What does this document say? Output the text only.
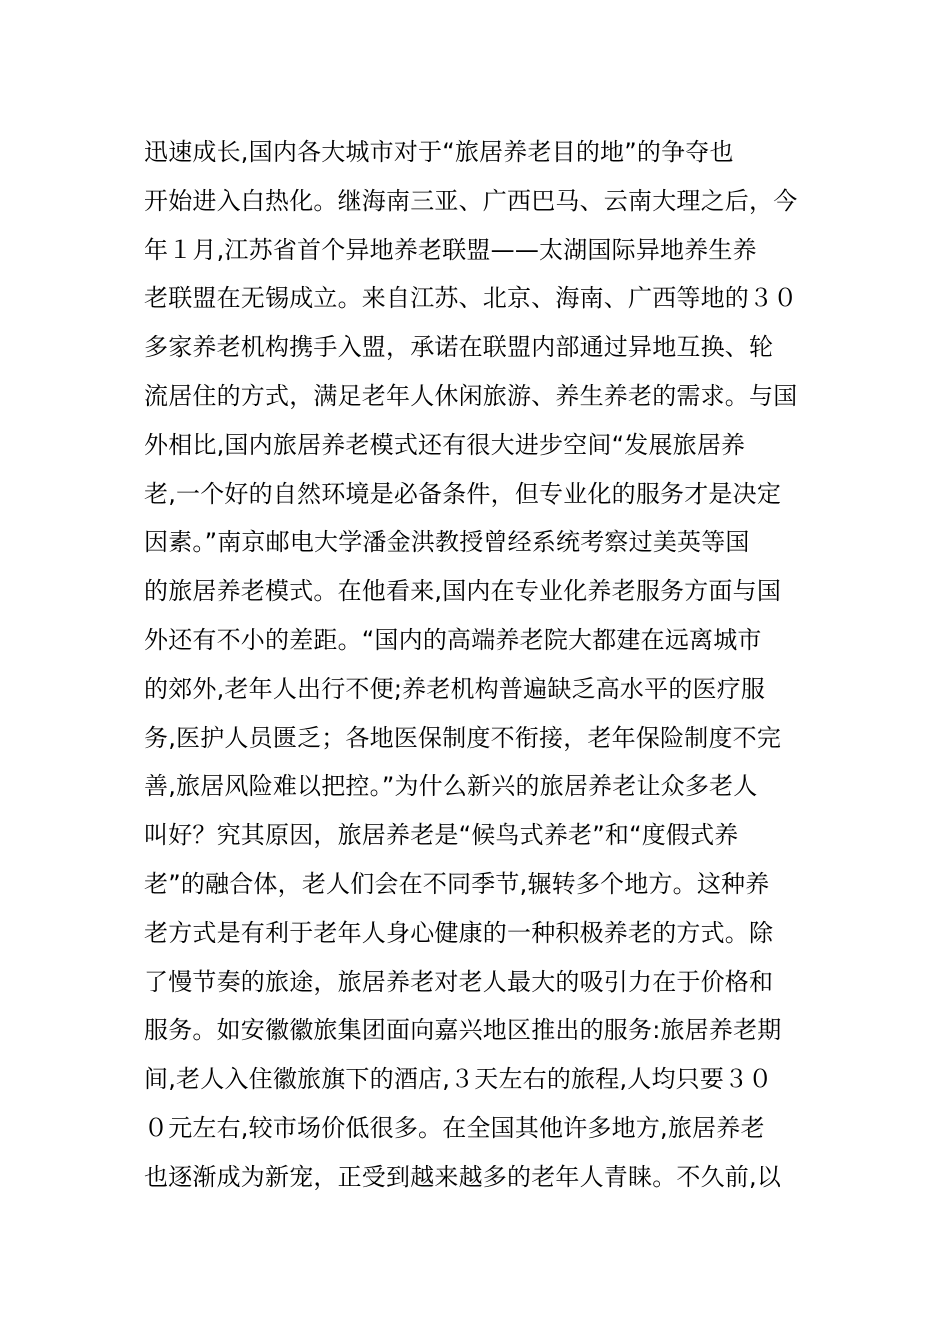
迅速成长,国内各大城市对于“旅居养老目的地”的争夺也
开始进入白热化。继海南三亚、广西巴马、云南大理之后，今
年１月,江苏省首个异地养老联盟——太湖国际异地养生养
老联盟在无锡成立。来自江苏、北京、海南、广西等地的３０
多家养老机构携手入盟，承诺在联盟内部通过异地互换、轮
流居住的方式，满足老年人休闲旅游、养生养老的需求。与国
外相比,国内旅居养老模式还有很大进步空间“发展旅居养
老,一个好的自然环境是必备条件，但专业化的服务才是决定
因素。”南京邮电大学潘金洪教授曾经系统考察过美英等国
的旅居养老模式。在他看来,国内在专业化养老服务方面与国
外还有不小的差距。“国内的高端养老院大都建在远离城市
的郊外,老年人出行不便;养老机构普遍缺乏高水平的医疗服
务,医护人员匮乏；各地医保制度不衔接，老年保险制度不完
善,旅居风险难以把控。”为什么新兴的旅居养老让众多老人
叫好？究其原因，旅居养老是“候鸟式养老”和“度假式养
老”的融合体，老人们会在不同季节,辗转多个地方。这种养
老方式是有利于老年人身心健康的一种积极养老的方式。除
了慢节奏的旅途，旅居养老对老人最大的吸引力在于价格和
服务。如安徽徽旅集团面向嘉兴地区推出的服务:旅居养老期
间,老人入住徽旅旗下的酒店,３天左右的旅程,人均只要３０
０元左右,较市场价低很多。在全国其他许多地方,旅居养老
也逐渐成为新宠，正受到越来越多的老年人青睐。不久前,以
